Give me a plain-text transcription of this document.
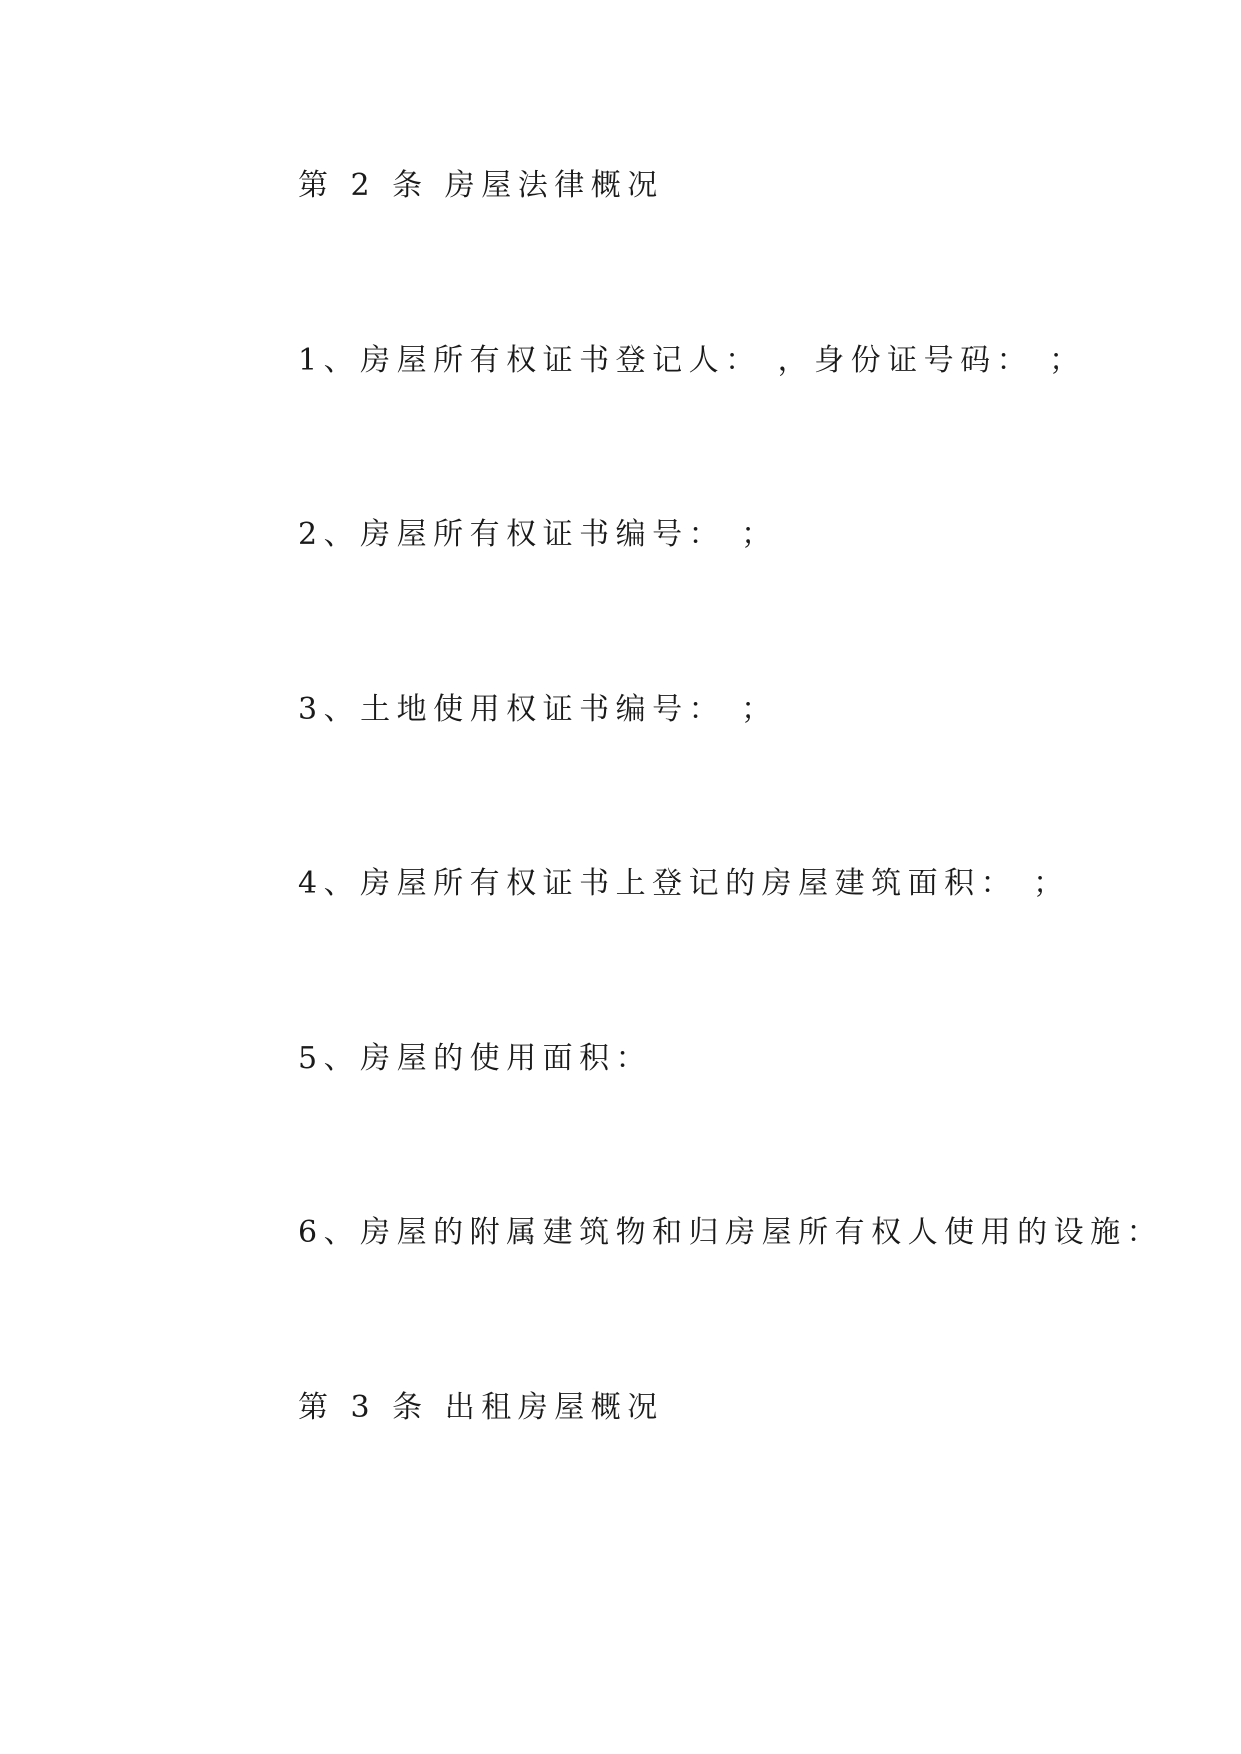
第 2 条 房屋法律概况
1、房屋所有权证书登记人： ，身份证号码： ；
2、房屋所有权证书编号： ；
3、土地使用权证书编号： ；
4、房屋所有权证书上登记的房屋建筑面积： ；
5、房屋的使用面积：
6、房屋的附属建筑物和归房屋所有权人使用的设施：
第 3 条 出租房屋概况
